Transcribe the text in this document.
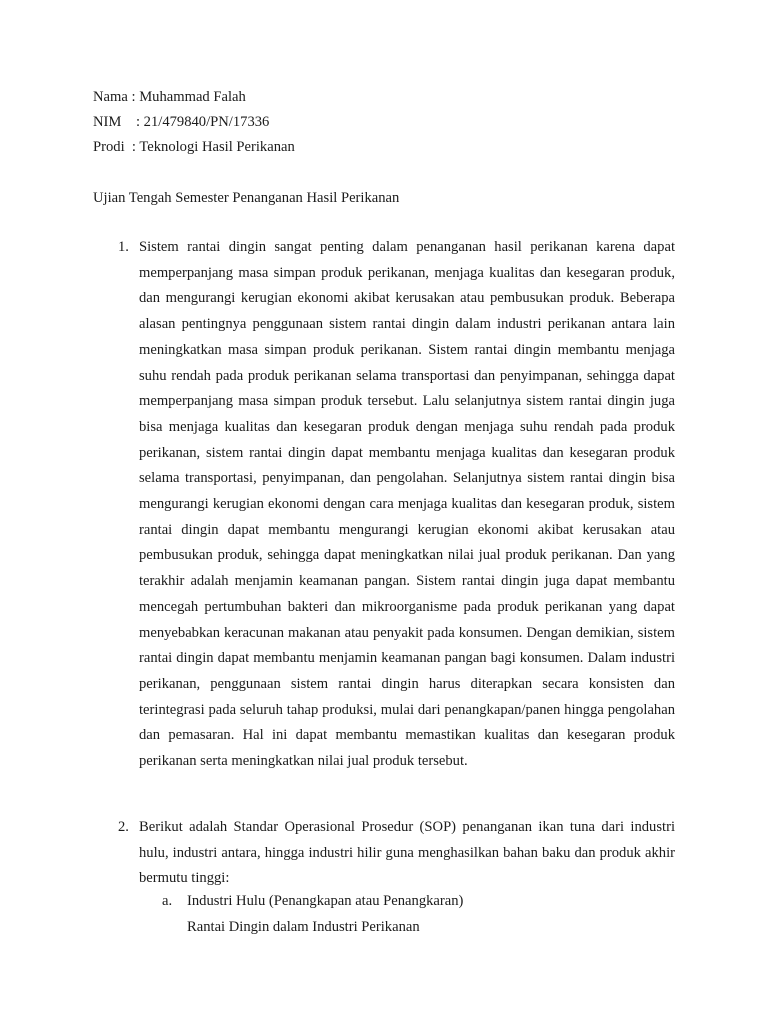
Nama : Muhammad Falah
NIM    : 21/479840/PN/17336
Prodi  : Teknologi Hasil Perikanan
Ujian Tengah Semester Penanganan Hasil Perikanan
1. Sistem rantai dingin sangat penting dalam penanganan hasil perikanan karena dapat memperpanjang masa simpan produk perikanan, menjaga kualitas dan kesegaran produk, dan mengurangi kerugian ekonomi akibat kerusakan atau pembusukan produk. Beberapa alasan pentingnya penggunaan sistem rantai dingin dalam industri perikanan antara lain meningkatkan masa simpan produk perikanan. Sistem rantai dingin membantu menjaga suhu rendah pada produk perikanan selama transportasi dan penyimpanan, sehingga dapat memperpanjang masa simpan produk tersebut. Lalu selanjutnya sistem rantai dingin juga bisa menjaga kualitas dan kesegaran produk dengan menjaga suhu rendah pada produk perikanan, sistem rantai dingin dapat membantu menjaga kualitas dan kesegaran produk selama transportasi, penyimpanan, dan pengolahan. Selanjutnya sistem rantai dingin bisa mengurangi kerugian ekonomi dengan cara menjaga kualitas dan kesegaran produk, sistem rantai dingin dapat membantu mengurangi kerugian ekonomi akibat kerusakan atau pembusukan produk, sehingga dapat meningkatkan nilai jual produk perikanan. Dan yang terakhir adalah menjamin keamanan pangan. Sistem rantai dingin juga dapat membantu mencegah pertumbuhan bakteri dan mikroorganisme pada produk perikanan yang dapat menyebabkan keracunan makanan atau penyakit pada konsumen. Dengan demikian, sistem rantai dingin dapat membantu menjamin keamanan pangan bagi konsumen. Dalam industri perikanan, penggunaan sistem rantai dingin harus diterapkan secara konsisten dan terintegrasi pada seluruh tahap produksi, mulai dari penangkapan/panen hingga pengolahan dan pemasaran. Hal ini dapat membantu memastikan kualitas dan kesegaran produk perikanan serta meningkatkan nilai jual produk tersebut.
2. Berikut adalah Standar Operasional Prosedur (SOP) penanganan ikan tuna dari industri hulu, industri antara, hingga industri hilir guna menghasilkan bahan baku dan produk akhir bermutu tinggi:
a. Industri Hulu (Penangkapan atau Penangkaran)
Rantai Dingin dalam Industri Perikanan
